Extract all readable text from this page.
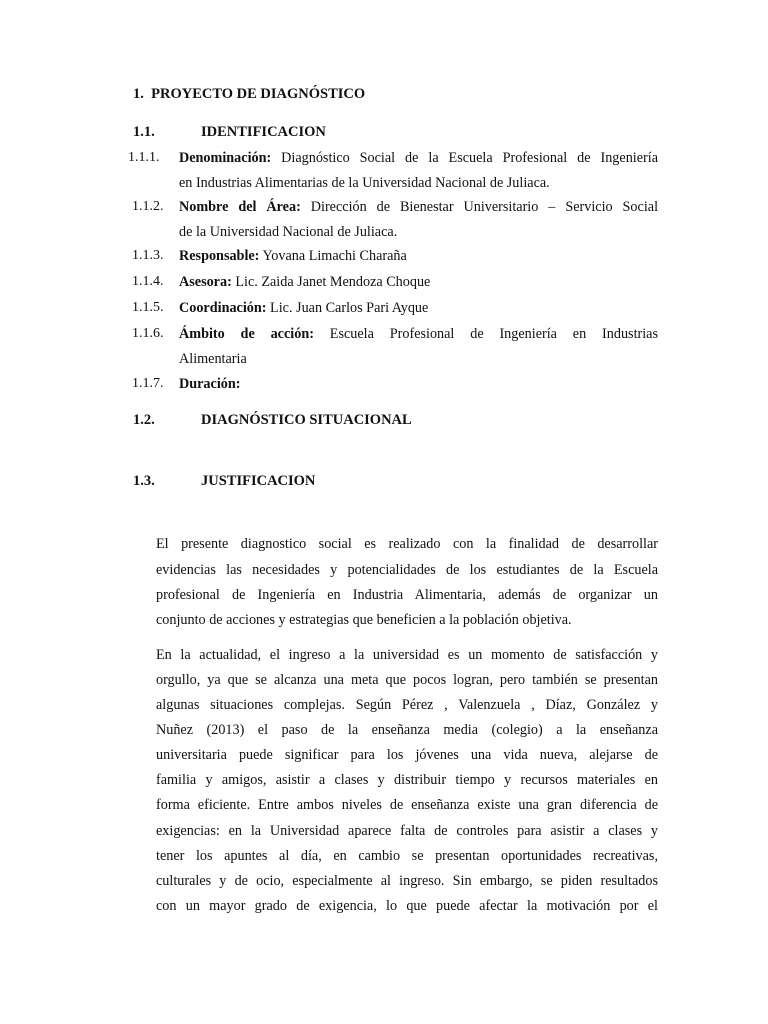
1. PROYECTO DE DIAGNÓSTICO
1.1.	IDENTIFICACION
1.1.1. Denominación: Diagnóstico Social de la Escuela Profesional de Ingeniería
en Industrias Alimentarias de la Universidad Nacional de Juliaca.
1.1.2. Nombre del Área: Dirección de Bienestar Universitario – Servicio Social
de la Universidad Nacional de Juliaca.
1.1.3. Responsable: Yovana Limachi Charaña
1.1.4. Asesora: Lic. Zaida Janet Mendoza Choque
1.1.5. Coordinación: Lic. Juan Carlos Pari Ayque
1.1.6. Ámbito de acción: Escuela Profesional de Ingeniería en Industrias
Alimentaria
1.1.7. Duración:
1.2.	DIAGNÓSTICO SITUACIONAL
1.3.	JUSTIFICACION
El presente diagnostico social es realizado con la finalidad de desarrollar
evidencias las necesidades y potencialidades de los estudiantes de la Escuela
profesional de Ingeniería en Industria Alimentaria, además de organizar un
conjunto de acciones y estrategias que beneficien a la población objetiva.
En la actualidad, el ingreso a la universidad es un momento de satisfacción y
orgullo, ya que se alcanza una meta que pocos logran, pero también se presentan
algunas situaciones complejas. Según Pérez , Valenzuela , Díaz, González y
Nuñez (2013) el paso de la enseñanza media (colegio) a la enseñanza
universitaria puede significar para los jóvenes una vida nueva, alejarse de
familia y amigos, asistir a clases y distribuir tiempo y recursos materiales en
forma eficiente. Entre ambos niveles de enseñanza existe una gran diferencia de
exigencias: en la Universidad aparece falta de controles para asistir a clases y
tener los apuntes al día, en cambio se presentan oportunidades recreativas,
culturales y de ocio, especialmente al ingreso. Sin embargo, se piden resultados
con un mayor grado de exigencia, lo que puede afectar la motivación por el
